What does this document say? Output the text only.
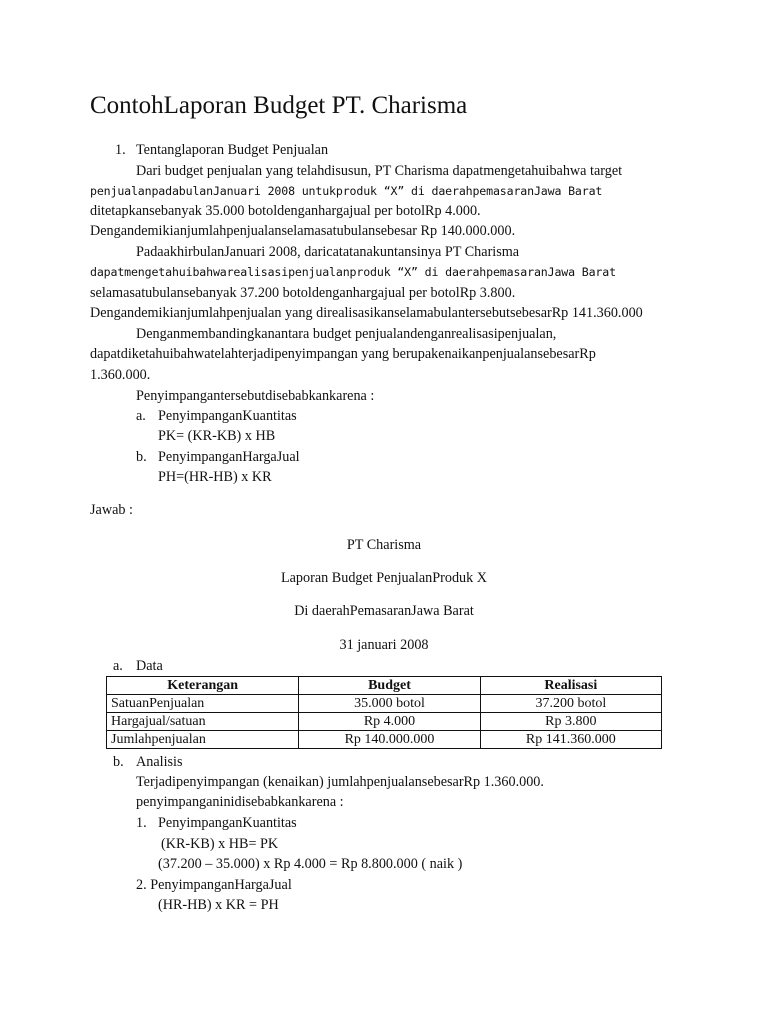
ContohLaporan Budget PT. Charisma
1. Tentanglaporan Budget Penjualan
Dari budget penjualan yang telahdisusun, PT Charisma dapatmengetahuibahwa target
penjualanpadabulanJanuari 2008 untukproduk “X” di daerahpemasaranJawa Barat
ditetapkansebanyak 35.000 botoldenganhargajual per botolRp 4.000.
Dengandemikianjumlahpenjualanselamasatubulansebesar Rp 140.000.000.
PadaakhirbulanJanuari 2008, daricatatanakuntansinya PT Charisma
dapatmengetahuibahwarealisasipenjualanproduk “X” di daerahpemasaranJawa Barat
selamasatubulansebanyak 37.200 botoldenganhargajual per botolRp 3.800.
Dengandemikianjumlahpenjualan yang direalisasikanselamabulantersebutsebesarRp 141.360.000
Denganmembandingkanantara budget penjualandenganrealisasipenjualan,
dapatdiketahuibahwatelahterjadipenyimpangan yang berupakenaikanpenjualansebesarRp
1.360.000.
Penyimpangantersebutdisebabkankarena :
a. PenyimpanganKuantitas
PK= (KR-KB) x HB
b. PenyimpanganHargaJual
PH=(HR-HB) x KR
Jawab :
PT Charisma
Laporan Budget PenjualanProduk X
Di daerahPemasaranJawa Barat
31 januari 2008
a. Data
Keterangan	Budget	Realisasi
SatuanPenjualan	35.000 botol	37.200 botol
Hargajual/satuan	Rp 4.000	Rp 3.800
Jumlahpenjualan	Rp 140.000.000	Rp 141.360.000
b. Analisis
Terjadipenyimpangan (kenaikan) jumlahpenjualansebesarRp 1.360.000.
penyimpanganinidisebabkankarena :
1. PenyimpanganKuantitas
(KR-KB) x HB= PK
(37.200 – 35.000) x Rp 4.000 = Rp 8.800.000 ( naik )
2. PenyimpanganHargaJual
(HR-HB) x KR = PH
